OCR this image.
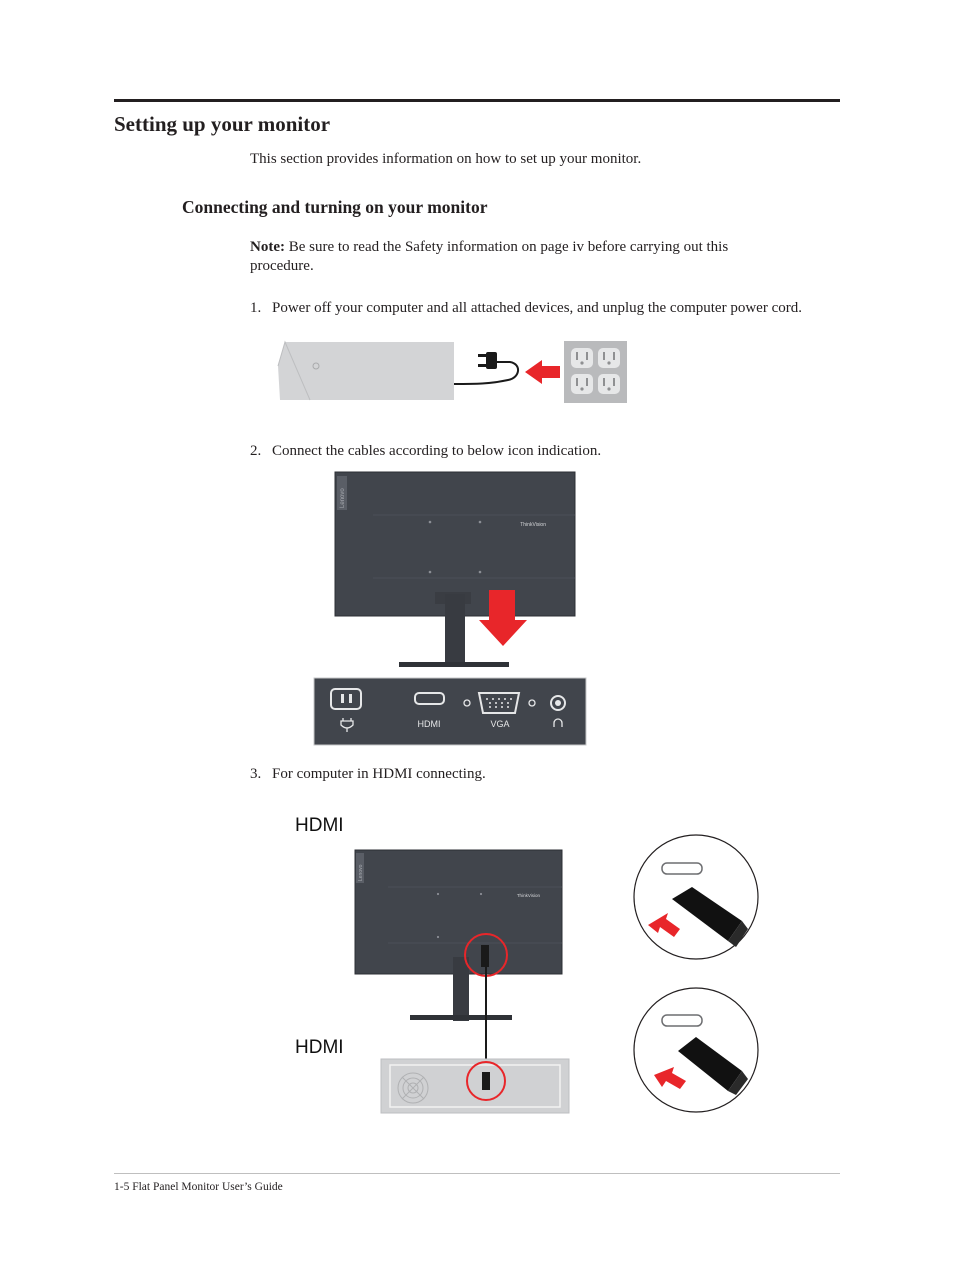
Setting up your monitor
This section provides information on how to set up your monitor.
Connecting and turning on your monitor
Note: Be sure to read the Safety information on page iv before carrying out this procedure.
1. Power off your computer and all attached devices, and unplug the computer power cord.
2. Connect the cables according to below icon indication.
Lenovo
ThinkVision
HDMI	VGA
3. For computer in HDMI connecting.
HDMI
HDMI
Lenovo
ThinkVision
1-5 Flat Panel Monitor User’s Guide
